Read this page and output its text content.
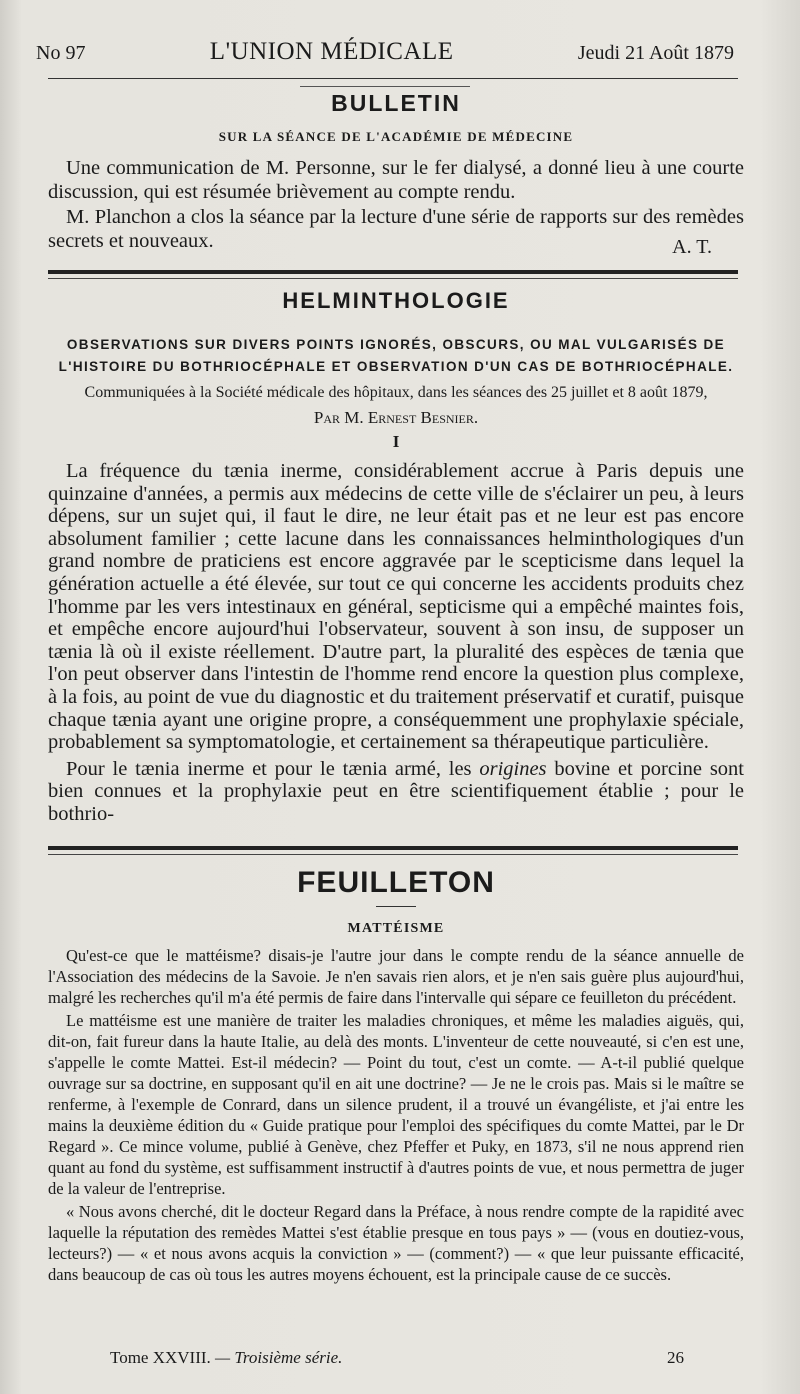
No 97	L'UNION MÉDICALE	Jeudi 21 Août 1879
BULLETIN
SUR LA SÉANCE DE L'ACADÉMIE DE MÉDECINE

Une communication de M. Personne, sur le fer dialysé, a donné lieu à une courte discussion, qui est résumée brièvement au compte rendu.

M. Planchon a clos la séance par la lecture d'une série de rapports sur des remèdes secrets et nouveaux.	A. T.
HELMINTHOLOGIE
OBSERVATIONS SUR DIVERS POINTS IGNORÉS, OBSCURS, OU MAL VULGARISÉS DE
L'HISTOIRE DU BOTHRIOCÉPHALE ET OBSERVATION D'UN CAS DE BOTHRIOCÉPHALE.
Communiquées à la Société médicale des hôpitaux, dans les séances des 25 juillet et 8 août 1879,
Par M. Ernest Besnier.
I

La fréquence du tænia inerme, considérablement accrue à Paris depuis une quinzaine d'années, a permis aux médecins de cette ville de s'éclairer un peu, à leurs dépens, sur un sujet qui, il faut le dire, ne leur était pas et ne leur est pas encore absolument familier ; cette lacune dans les connaissances helminthologiques d'un grand nombre de praticiens est encore aggravée par le scepticisme dans lequel la génération actuelle a été élevée, sur tout ce qui concerne les accidents produits chez l'homme par les vers intestinaux en général, septicisme qui a empêché maintes fois, et empêche encore aujourd'hui l'observateur, souvent à son insu, de supposer un tænia là où il existe réellement. D'autre part, la pluralité des espèces de tænia que l'on peut observer dans l'intestin de l'homme rend encore la question plus complexe, à la fois, au point de vue du diagnostic et du traitement préservatif et curatif, puisque chaque tænia ayant une origine propre, a conséquemment une prophylaxie spéciale, probablement sa symptomatologie, et certainement sa thérapeutique particulière.

Pour le tænia inerme et pour le tænia armé, les origines bovine et porcine sont bien connues et la prophylaxie peut en être scientifiquement établie ; pour le bothrio-

FEUILLETON
MATTÉISME

Qu'est-ce que le mattéisme? disais-je l'autre jour dans le compte rendu de la séance annuelle de l'Association des médecins de la Savoie. Je n'en savais rien alors, et je n'en sais guère plus aujourd'hui, malgré les recherches qu'il m'a été permis de faire dans l'intervalle qui sépare ce feuilleton du précédent.

Le mattéisme est une manière de traiter les maladies chroniques, et même les maladies aiguës, qui, dit-on, fait fureur dans la haute Italie, au delà des monts. L'inventeur de cette nouveauté, si c'en est une, s'appelle le comte Mattei. Est-il médecin? — Point du tout, c'est un comte. — A-t-il publié quelque ouvrage sur sa doctrine, en supposant qu'il en ait une doctrine? — Je ne le crois pas. Mais si le maître se renferme, à l'exemple de Conrard, dans un silence prudent, il a trouvé un évangéliste, et j'ai entre les mains la deuxième édition du « Guide pratique pour l'emploi des spécifiques du comte Mattei, par le Dr Regard ». Ce mince volume, publié à Genève, chez Pfeffer et Puky, en 1873, s'il ne nous apprend rien quant au fond du système, est suffisamment instructif à d'autres points de vue, et nous permettra de juger de la valeur de l'entreprise.

« Nous avons cherché, dit le docteur Regard dans la Préface, à nous rendre compte de la rapidité avec laquelle la réputation des remèdes Mattei s'est établie presque en tous pays » — (vous en doutiez-vous, lecteurs?) — « et nous avons acquis la conviction » — (comment?) — « que leur puissante efficacité, dans beaucoup de cas où tous les autres moyens échouent, est la principale cause de ce succès.

Tome XXVIII. — Troisième série.	26
